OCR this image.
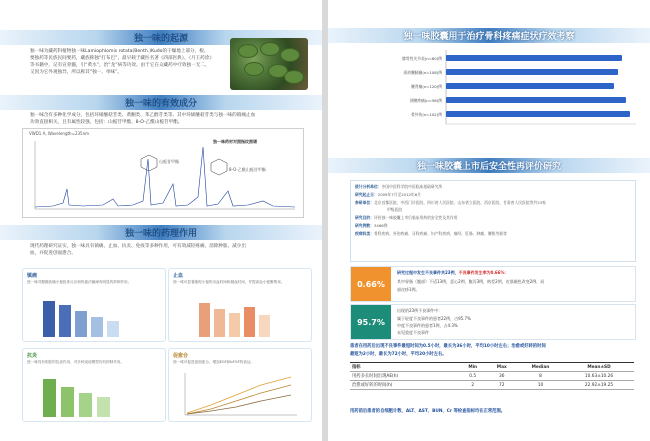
独一味的起源
独一味为藏药科植物独一味Lamiophlomis rotata(Benth.)Kudo的干燥地上部分、根、
要独药等民族民间要药，藏族称独“打布巴”，最早载于藏医名著《四部医典》、《月王药诊》
等书籍中，记有宣骨髓，引“黄水”，治“龙”病等功效。由于它在众藏药中疗效独一无二，
又因为它外观独异，所以称其“独一、单味”。
独一味的有效成分
独一味含有多种化学成分，包括环烯醚萜苷类、黄酮类、苯乙醇苷类等。其中环烯醚萜苷类与独一味的镇痛止血
功效直接相关，且有属性较强，包括：山栀苷甲酯、8-O-乙酰山栀苷甲酯。
VWD1 A, Wavelength=235nm
独一味药材对照指纹图谱
山栀苷甲酯
8-O-乙酰山栀苷甲酯
独一味的药理作用
现代药理研究证实，独一味具有镇痛、止血、抗炎、免疫等多种作用，可有效减轻疼痛、消除肿胀、减少出
血，并促进创面愈合。
镇痛
独一味对醋酸致痛小鼠扭体反应和热板法痛阈有明显的抑制作用。
止血
独一味可显著缩短小鼠的出血时间和凝血时间，并提高血小板聚集率。
抗炎
独一味具有明显的抗炎作用，对多种炎症模型均有抑制作用。
促愈合
独一味可促进创面愈合，增加EGF和bFGF的表达。
独一味胶囊用于治疗骨科疼痛症状疗效考察
膝骨性关节炎(n=60)例
颈肩腰腿痛(n=108)例
腰背痛(n=120)例
颈腰疼痛(n=56)例
骨外伤(n=102)例
独一味胶囊上市后安全性再评价研究
统计分析单位：中国中医科学院中医临床基础研究所
研究起止日：2009年7月至2012年6月
参研单位：北京首都医院、中西门诊医院、四川省人民医院、山东省立医院、西京医院、甘肃省人民医院等共23家
甲级医院
研究目的：评价独一味胶囊上市后临床用药的安全性及其作用
研究例数：3466例
疾病科类：骨科疾病、外伤疼痛、牙科疼痛、妇产科疾病、痛经、肛肠、肿瘤、腰肌劳损等
0.66%
研究过程中发生不良事件共23例，不良事件发生率为0.66%：
其中胃肠（腹部）不适13例，恶心2例，腹泻3例，纳差2例，皮肤颜色改变2例，局
部皮疹1例。
95.7%
出现的23例不良事件中：
属于轻度不良事件的患者22例，占95.7%
中度不良事件的患者1例，占4.3%
未见重度不良事件
患者在用药后出现不良事件最短时间为0.5小时，最长为36小时，平均10小时左右；治愈或好转的时间
最短为2小时，最长为72小时，平均20小时左右。
指标	Min	Max	Median	Mean±SD
用药多长时间出现AE(h)	0.5	36	8	10.63±10.26
治愈或好转的时间(h)	2	72	10	22.92±19.25
用药前后患者的自细胞计数、ALT、AST、BUN、Cr 等检查指标均在正常范围。
